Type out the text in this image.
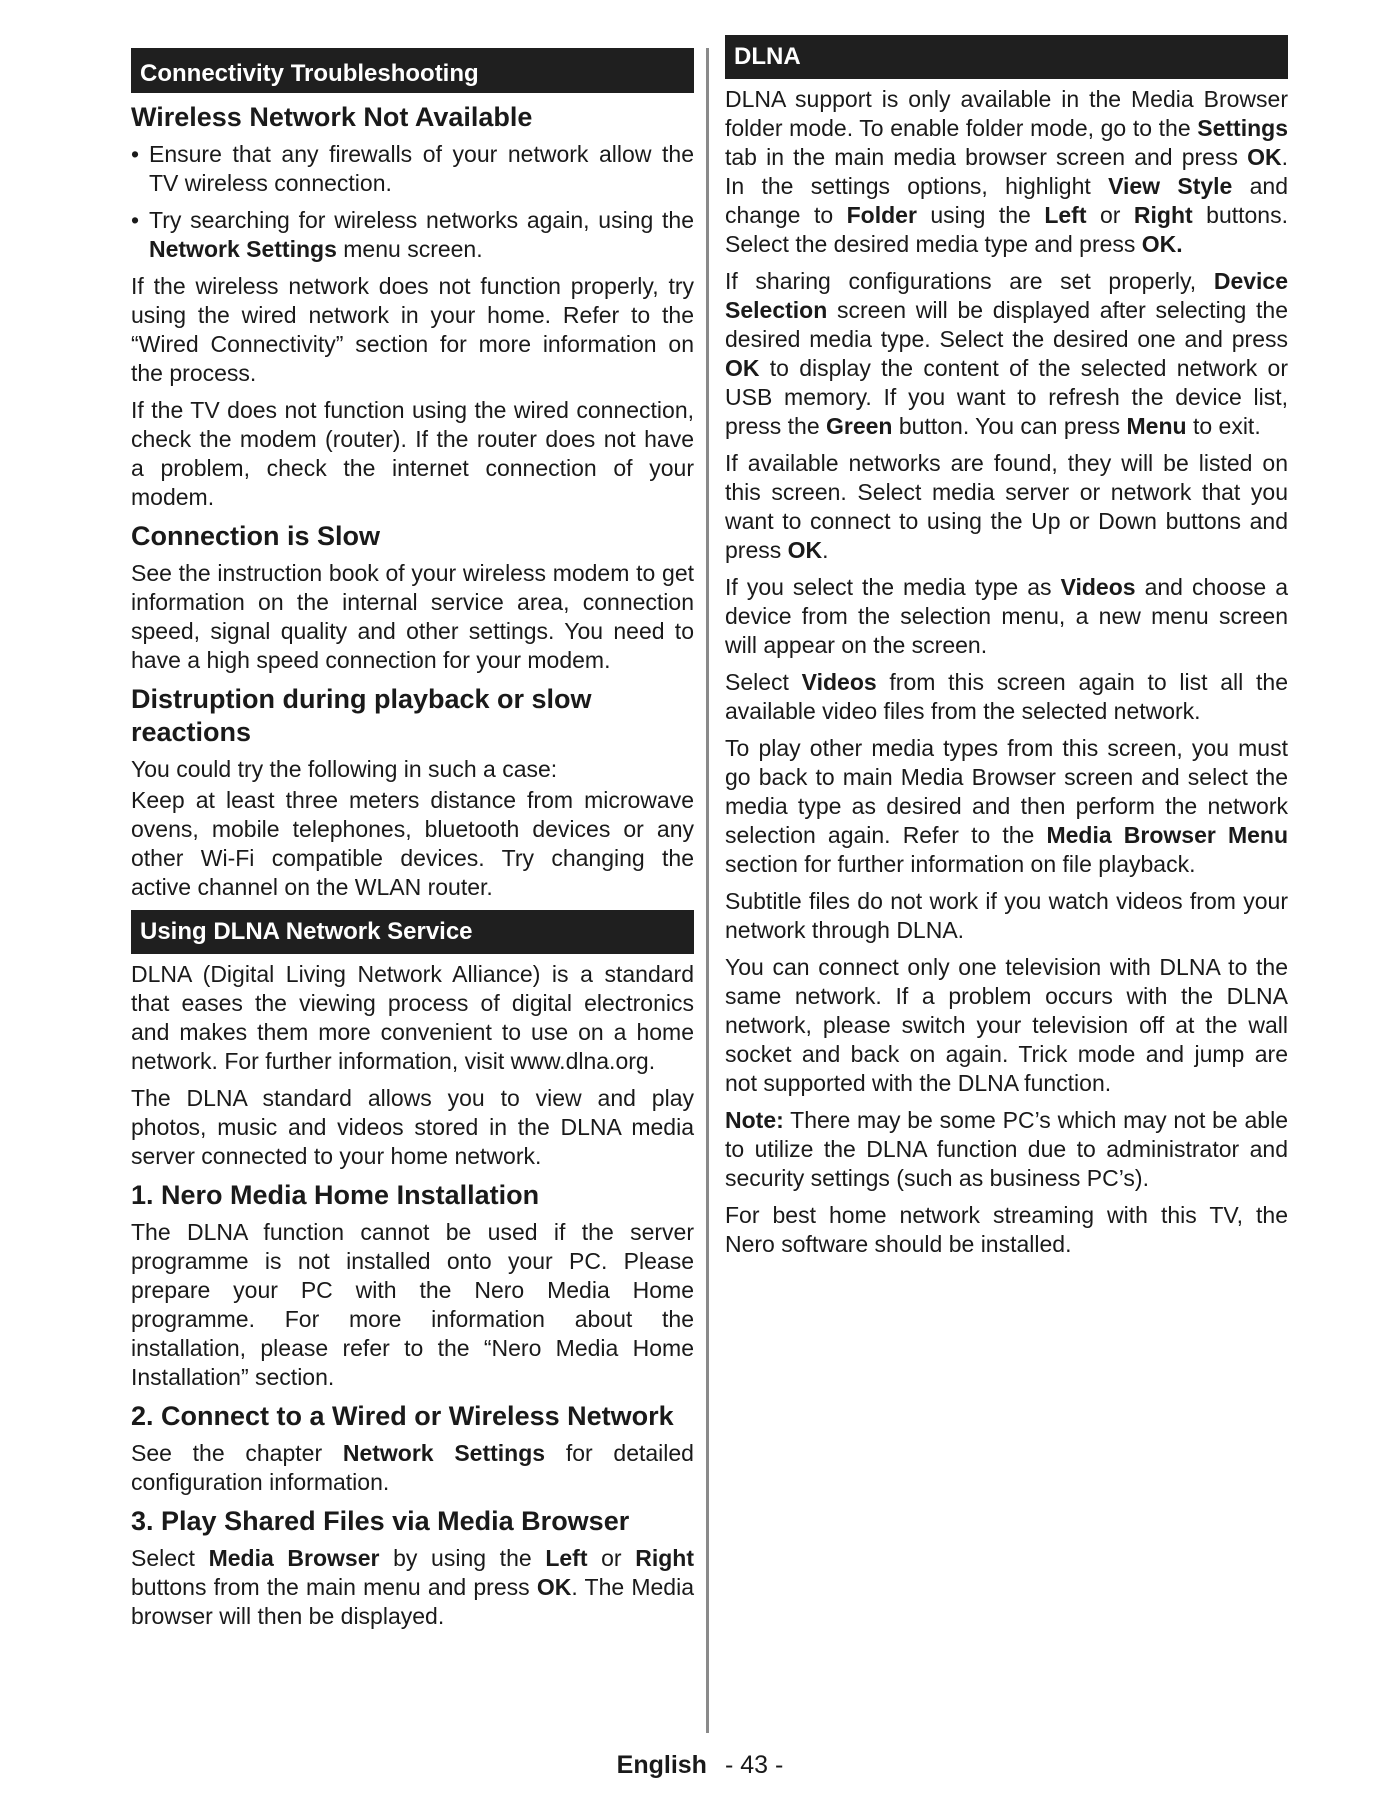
Connectivity Troubleshooting
Wireless Network Not Available
• Ensure that any firewalls of your network allow the TV wireless connection.
• Try searching for wireless networks again, using the Network Settings menu screen.

If the wireless network does not function properly, try using the wired network in your home. Refer to the “Wired Connectivity” section for more information on the process.

If the TV does not function using the wired connection, check the modem (router). If the router does not have a problem, check the internet connection of your modem.

Connection is Slow

See the instruction book of your wireless modem to get information on the internal service area, connection speed, signal quality and other settings. You need to have a high speed connection for your modem.

Distruption during playback or slow reactions

You could try the following in such a case:

Keep at least three meters distance from microwave ovens, mobile telephones, bluetooth devices or any other Wi-Fi compatible devices. Try changing the active channel on the WLAN router.

Using DLNA Network Service

DLNA (Digital Living Network Alliance) is a standard that eases the viewing process of digital electronics and makes them more convenient to use on a home network. For further information, visit www.dlna.org.

The DLNA standard allows you to view and play photos, music and videos stored in the DLNA media server connected to your home network.

1. Nero Media Home Installation

The DLNA function cannot be used if the server programme is not installed onto your PC. Please prepare your PC with the Nero Media Home programme. For more information about the installation, please refer to the “Nero Media Home Installation” section.

2. Connect to a Wired or Wireless Network

See the chapter Network Settings for detailed configuration information.

3. Play Shared Files via Media Browser

Select Media Browser by using the Left or Right buttons from the main menu and press OK. The Media browser will then be displayed.

DLNA

DLNA support is only available in the Media Browser folder mode. To enable folder mode, go to the Settings tab in the main media browser screen and press OK. In the settings options, highlight View Style and change to Folder using the Left or Right buttons. Select the desired media type and press OK.

If sharing configurations are set properly, Device Selection screen will be displayed after selecting the desired media type. Select the desired one and press OK to display the content of the selected network or USB memory. If you want to refresh the device list, press the Green button. You can press Menu to exit.

If available networks are found, they will be listed on this screen. Select media server or network that you want to connect to using the Up or Down buttons and press OK.

If you select the media type as Videos and choose a device from the selection menu, a new menu screen will appear on the screen.

Select Videos from this screen again to list all the available video files from the selected network.

To play other media types from this screen, you must go back to main Media Browser screen and select the media type as desired and then perform the network selection again. Refer to the Media Browser Menu section for further information on file playback.

Subtitle files do not work if you watch videos from your network through DLNA.

You can connect only one television with DLNA to the same network. If a problem occurs with the DLNA network, please switch your television off at the wall socket and back on again. Trick mode and jump are not supported with the DLNA function.

Note: There may be some PC’s which may not be able to utilize the DLNA function due to administrator and security settings (such as business PC’s).

For best home network streaming with this TV, the Nero software should be installed.

English - 43 -
